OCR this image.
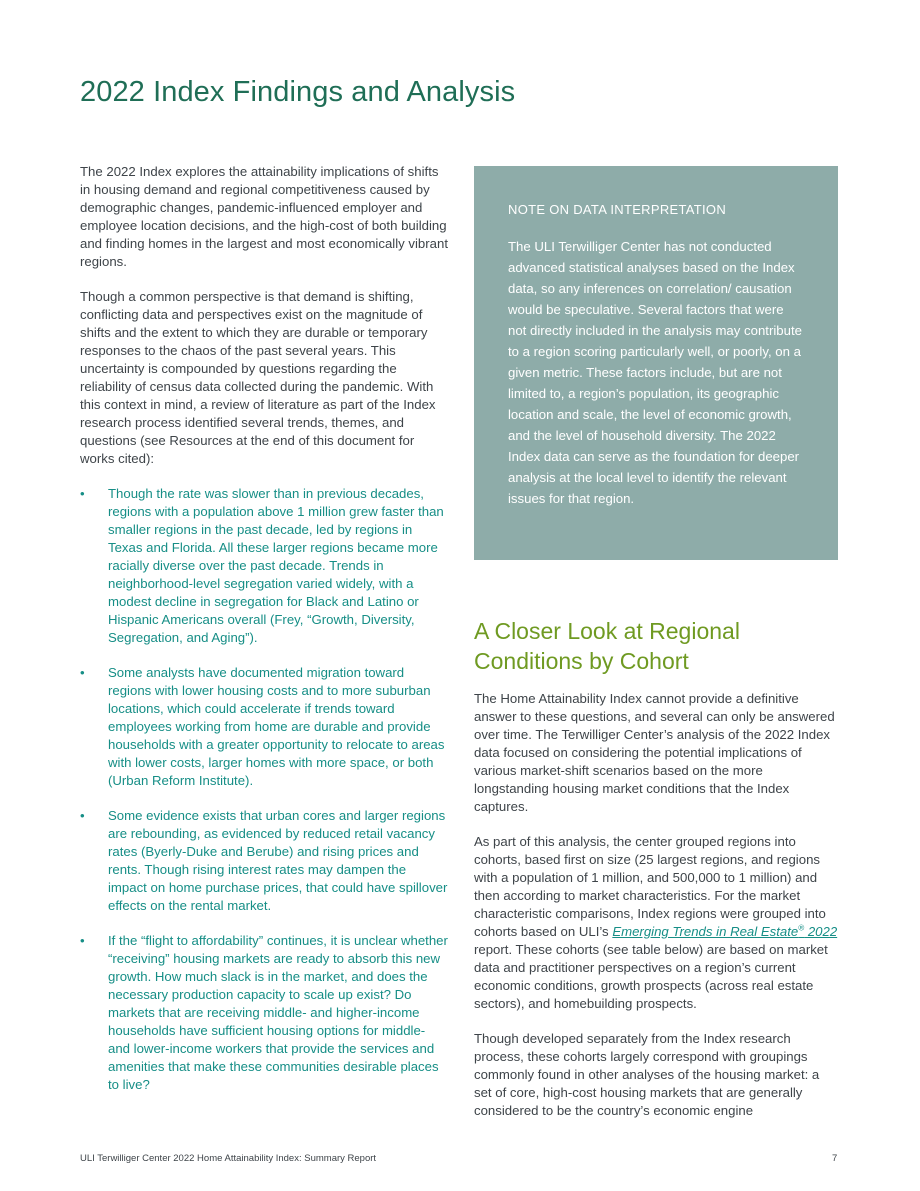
2022 Index Findings and Analysis

The 2022 Index explores the attainability implications of shifts in housing demand and regional competitiveness caused by demographic changes, pandemic-influenced employer and employee location decisions, and the high-cost of both building and finding homes in the largest and most economically vibrant regions.

Though a common perspective is that demand is shifting, conflicting data and perspectives exist on the magnitude of shifts and the extent to which they are durable or temporary responses to the chaos of the past several years. This uncertainty is compounded by questions regarding the reliability of census data collected during the pandemic. With this context in mind, a review of literature as part of the Index research process identified several trends, themes, and questions (see Resources at the end of this document for works cited):

• Though the rate was slower than in previous decades, regions with a population above 1 million grew faster than smaller regions in the past decade, led by regions in Texas and Florida. All these larger regions became more racially diverse over the past decade. Trends in neighborhood-level segregation varied widely, with a modest decline in segregation for Black and Latino or Hispanic Americans overall (Frey, “Growth, Diversity, Segregation, and Aging”).
• Some analysts have documented migration toward regions with lower housing costs and to more suburban locations, which could accelerate if trends toward employees working from home are durable and provide households with a greater opportunity to relocate to areas with lower costs, larger homes with more space, or both (Urban Reform Institute).
• Some evidence exists that urban cores and larger regions are rebounding, as evidenced by reduced retail vacancy rates (Byerly-Duke and Berube) and rising prices and rents. Though rising interest rates may dampen the impact on home purchase prices, that could have spillover effects on the rental market.
• If the “flight to affordability” continues, it is unclear whether “receiving” housing markets are ready to absorb this new growth. How much slack is in the market, and does the necessary production capacity to scale up exist? Do markets that are receiving middle- and higher-income households have sufficient housing options for middle- and lower-income workers that provide the services and amenities that make these communities desirable places to live?
NOTE ON DATA INTERPRETATION

The ULI Terwilliger Center has not conducted advanced statistical analyses based on the Index data, so any inferences on correlation/ causation would be speculative. Several factors that were not directly included in the analysis may contribute to a region scoring particularly well, or poorly, on a given metric. These factors include, but are not limited to, a region’s population, its geographic location and scale, the level of economic growth, and the level of household diversity. The 2022 Index data can serve as the foundation for deeper analysis at the local level to identify the relevant issues for that region.

A Closer Look at Regional Conditions by Cohort

The Home Attainability Index cannot provide a definitive answer to these questions, and several can only be answered over time. The Terwilliger Center’s analysis of the 2022 Index data focused on considering the potential implications of various market-shift scenarios based on the more longstanding housing market conditions that the Index captures.

As part of this analysis, the center grouped regions into cohorts, based first on size (25 largest regions, and regions with a population of 1 million, and 500,000 to 1 million) and then according to market characteristics. For the market characteristic comparisons, Index regions were grouped into cohorts based on ULI’s Emerging Trends in Real Estate® 2022 report. These cohorts (see table below) are based on market data and practitioner perspectives on a region’s current economic conditions, growth prospects (across real estate sectors), and homebuilding prospects.

Though developed separately from the Index research process, these cohorts largely correspond with groupings commonly found in other analyses of the housing market: a set of core, high-cost housing markets that are generally considered to be the country’s economic engine

ULI Terwilliger Center 2022 Home Attainability Index: Summary Report	7
